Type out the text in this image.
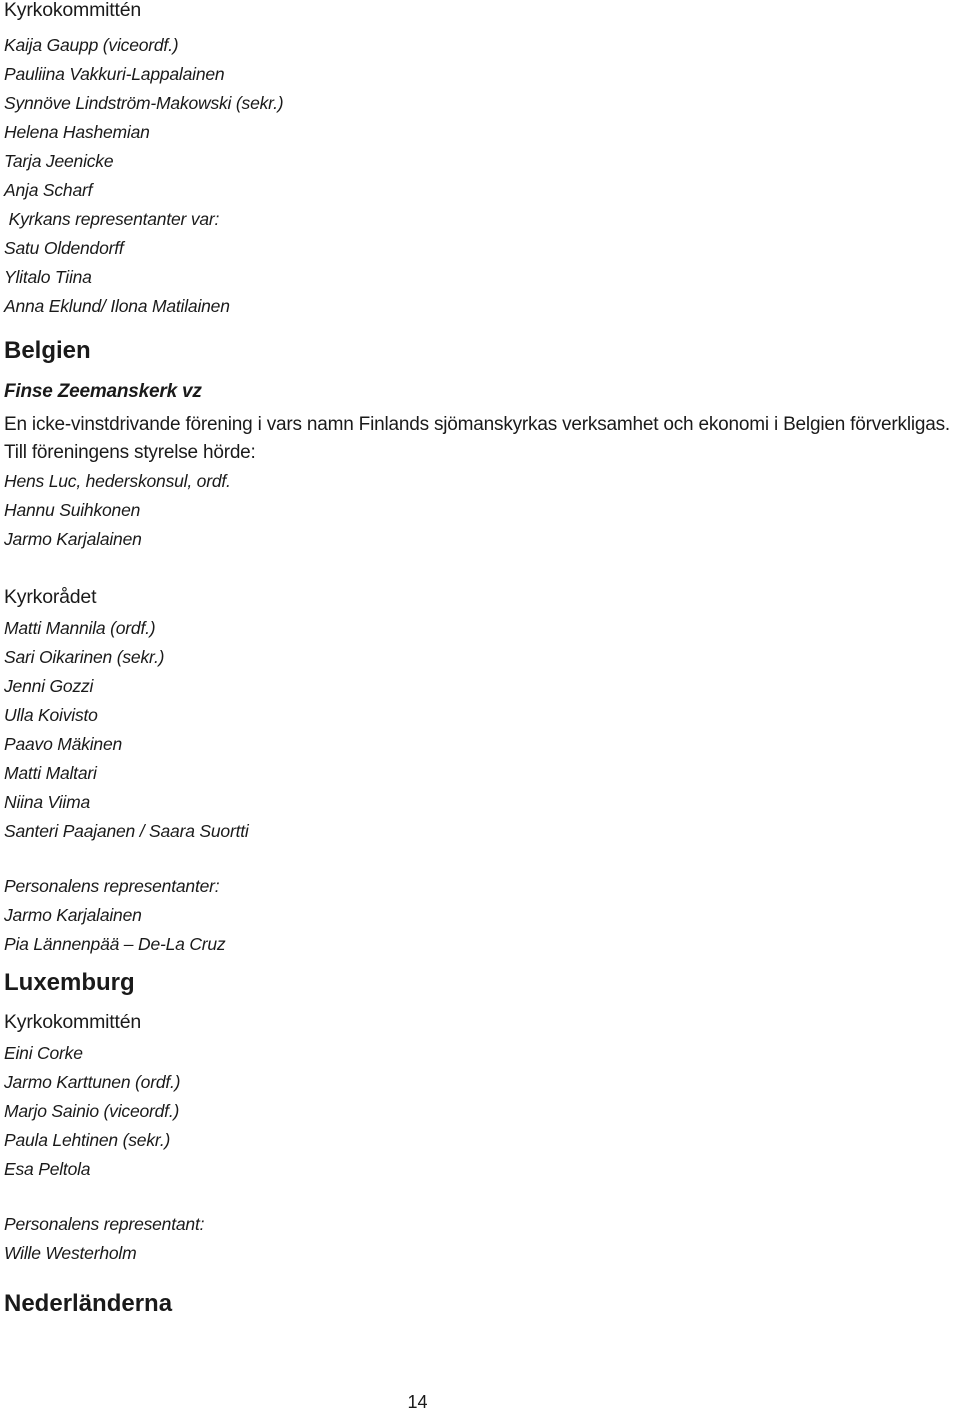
Kyrkokommittén
Kaija Gaupp (viceordf.)
Pauliina Vakkuri-Lappalainen
Synnöve Lindström-Makowski (sekr.)
Helena Hashemian
Tarja Jeenicke
Anja Scharf
Kyrkans representanter var:
Satu Oldendorff
Ylitalo Tiina
Anna Eklund/ Ilona Matilainen
Belgien
Finse Zeemanskerk vz
En icke-vinstdrivande förening i vars namn Finlands sjömanskyrkas verksamhet och ekonomi i Belgien förverkligas.
Till föreningens styrelse hörde:
Hens Luc, hederskonsul, ordf.
Hannu Suihkonen
Jarmo Karjalainen
Kyrkorådet
Matti Mannila (ordf.)
Sari Oikarinen (sekr.)
Jenni Gozzi
Ulla Koivisto
Paavo Mäkinen
Matti Maltari
Niina Viima
Santeri Paajanen / Saara Suortti
Personalens representanter:
Jarmo Karjalainen
Pia Lännenpää – De-La Cruz
Luxemburg
Kyrkokommittén
Eini Corke
Jarmo Karttunen (ordf.)
Marjo Sainio (viceordf.)
Paula Lehtinen (sekr.)
Esa Peltola
Personalens representant:
Wille Westerholm
Nederländerna
14
